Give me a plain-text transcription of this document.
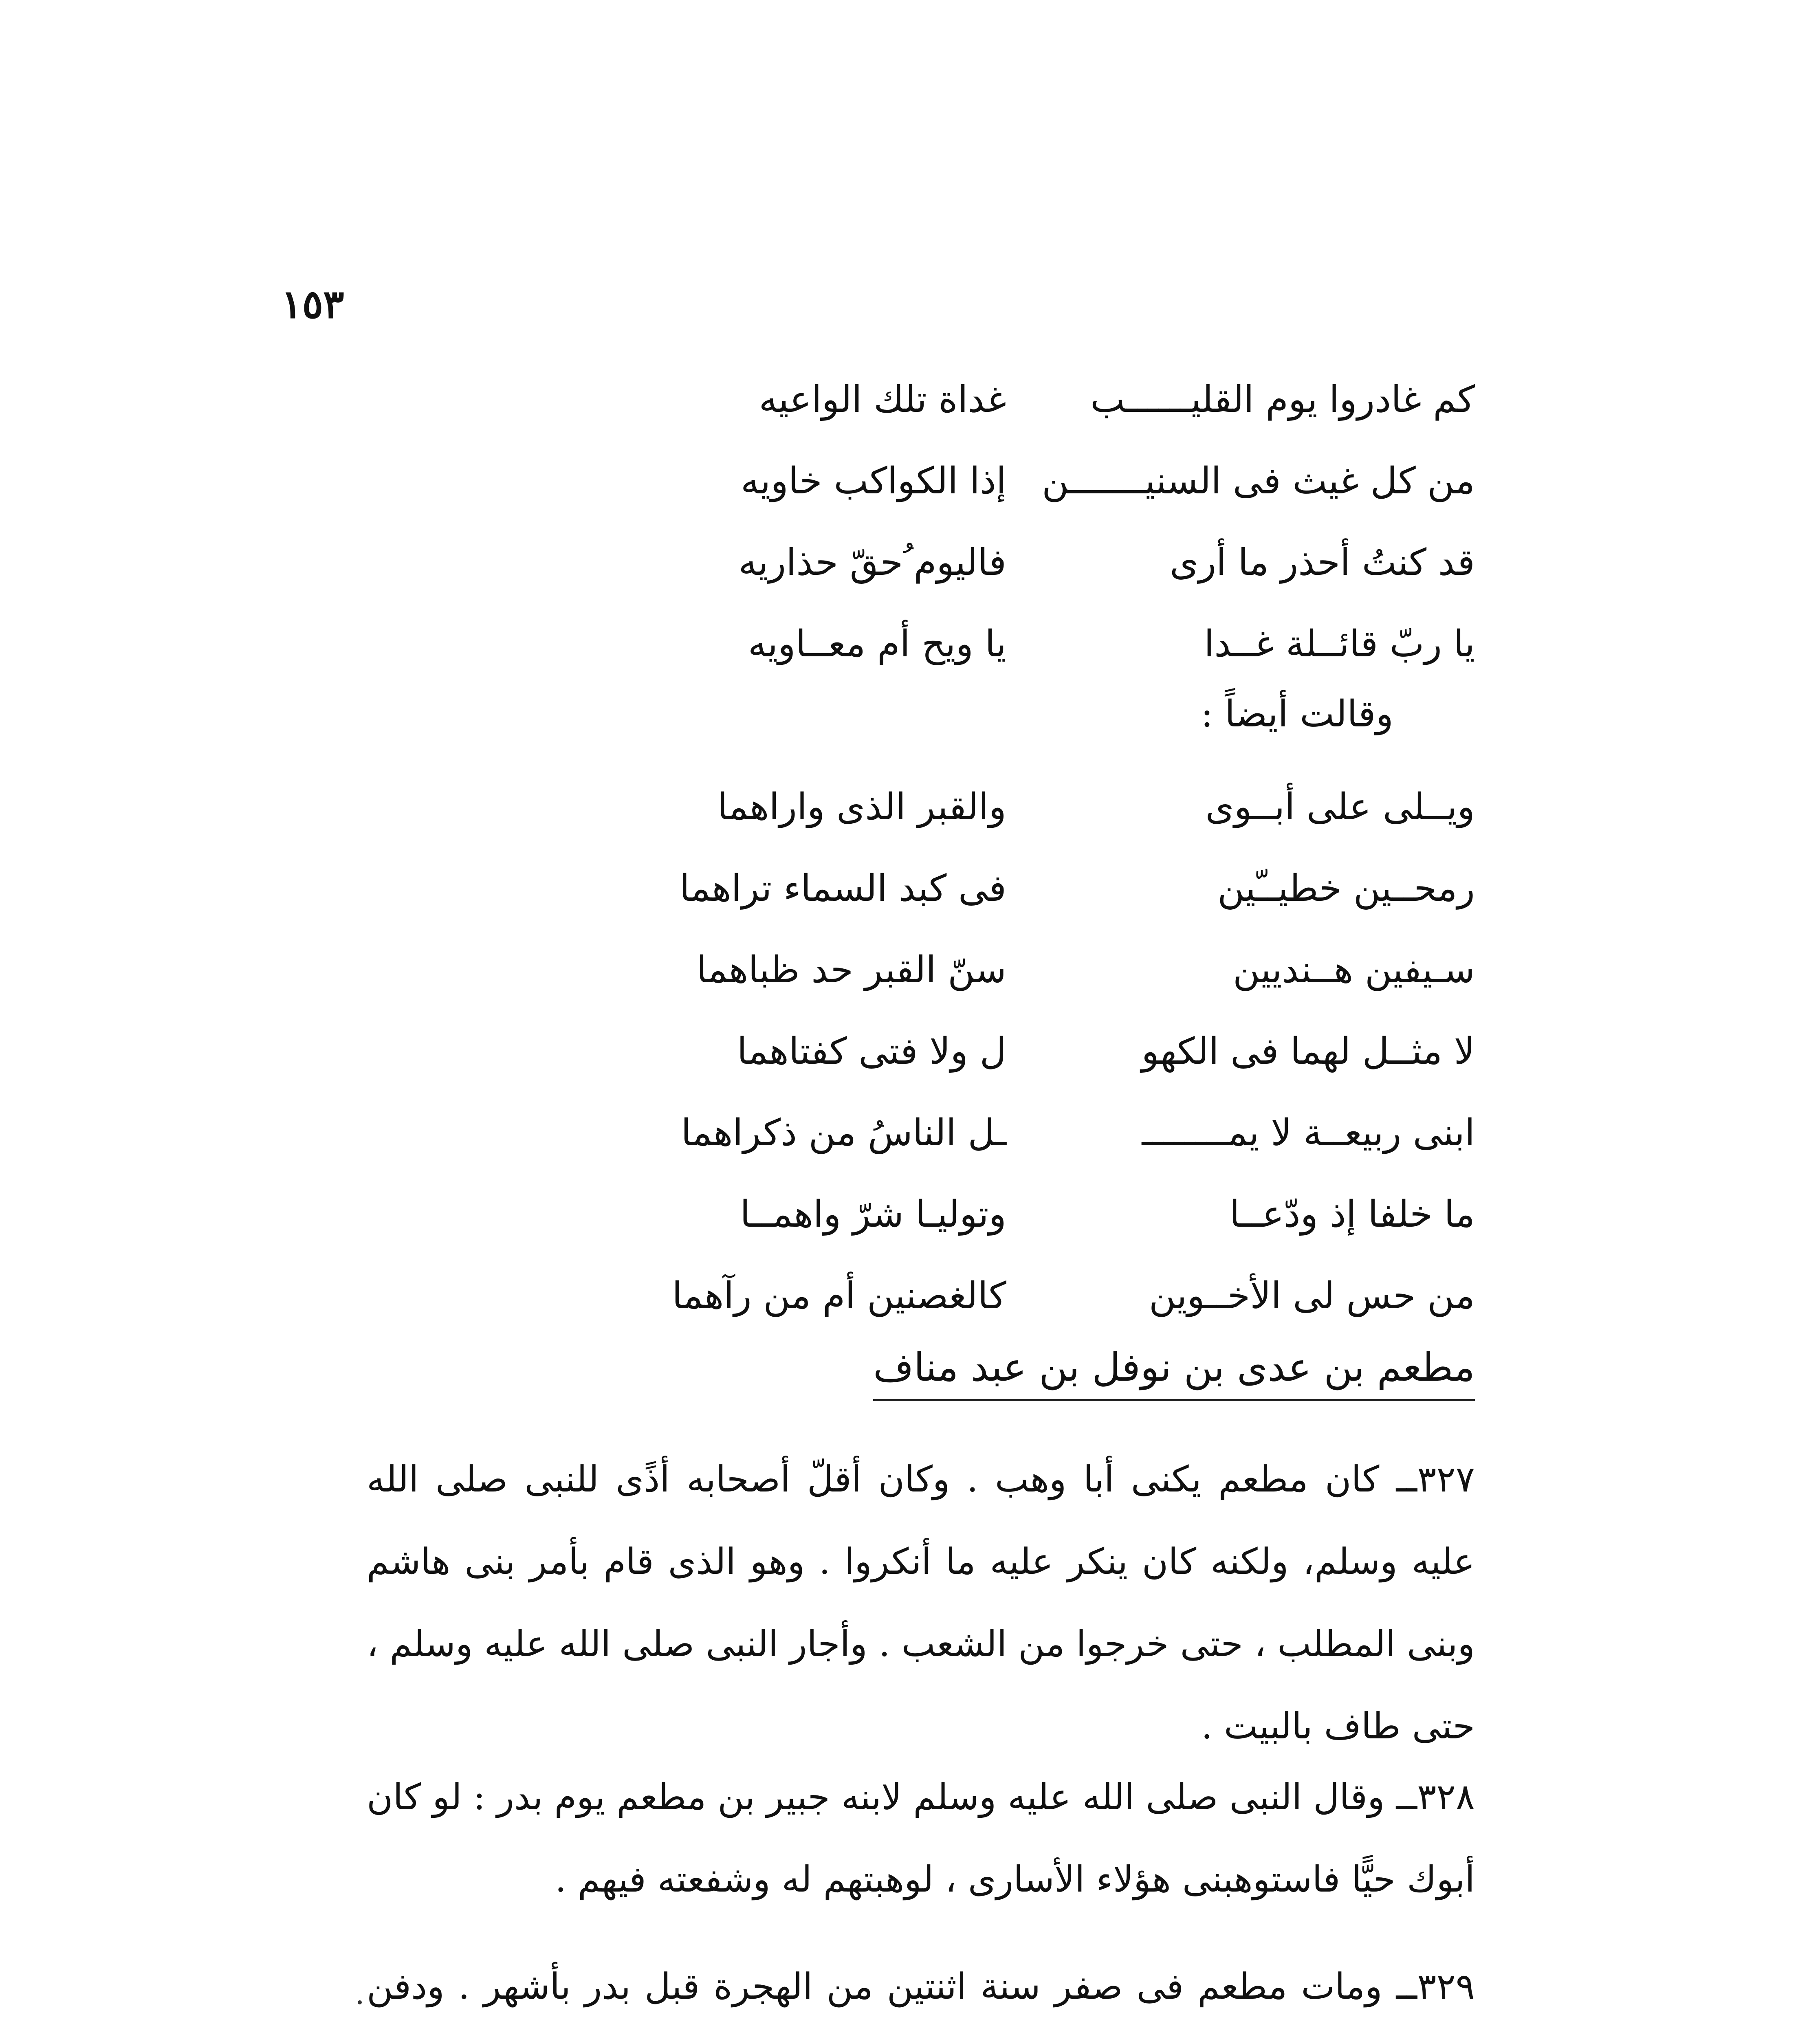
١٥٣
كم غادروا يوم القليــــــب
غداة تلك الواعيه
من كل غيث فى السنيـــــــن
إذا الكواكب خاويه
قد كنتُ أحذر ما أرى
فاليوم ُحقّ حذاريه
يا ربّ قائــلة غــدا
يا ويح أم معــاويه
وقالت أيضاً :
ويــلى على أبــوى
والقبر الذى واراهما
رمحــين خطيــّين
فى كبد السماء تراهما
سـيفين هــنديين
سنّ القبر حد ظباهما
لا مثــل لهما فى الكهو
ل ولا فتى كفتاهما
ابنى ربيعــة لا يمــــــــ
ـل الناسُ من ذكراهما
ما خلفا إذ ودّعــا
وتوليـا شرّ واهمــا
من حس لى الأخــوين
كالغصنين أم من رآهما
مطعم بن عدى بن نوفل بن عبد مناف
٣٢٧ــ كان مطعم يكنى أبا وهب . وكان أقلّ أصحابه أذًى للنبى صلى الله عليه وسلم، ولكنه كان ينكر عليه ما أنكروا . وهو الذى قام بأمر بنى هاشم وبنى المطلب ، حتى خرجوا من الشعب . وأجار النبى صلى الله عليه وسلم ، حتى طاف بالبيت .
٣٢٨ــ وقال النبى صلى الله عليه وسلم لابنه جبير بن مطعم يوم بدر : لو كان أبوك حيًّا فاستوهبنى هؤلاء الأسارى ، لوهبتهم له وشفعته فيهم .
٣٢٩ــ ومات مطعم فى صفر سنة اثنتين من الهجرة قبل بدر بأشهر . ودفن
